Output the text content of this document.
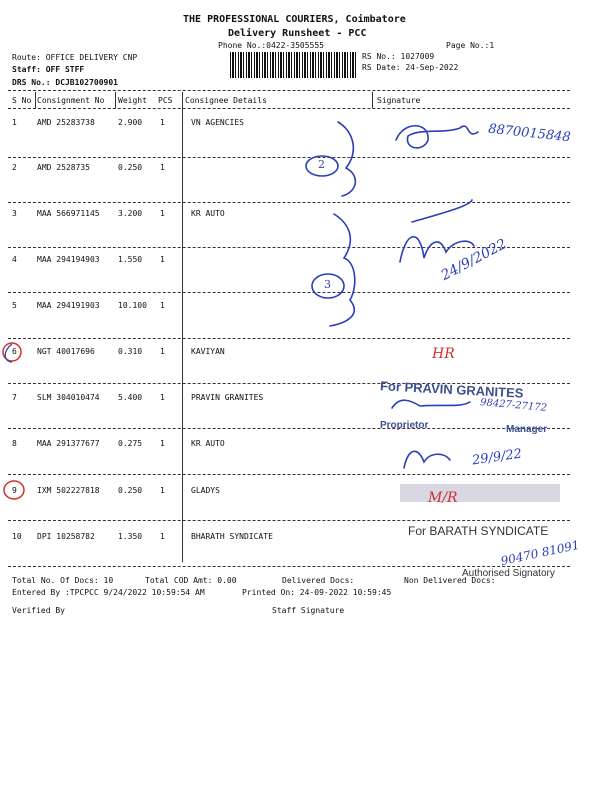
THE PROFESSIONAL COURIERS, Coimbatore
Delivery Runsheet - PCC
Phone No.:0422-3505555	Page No.:1
Route: OFFICE DELIVERY CNP
Staff: OFF STFF
DRS No.: DCJB102700901
RS No.: 1027009
RS Date: 24-Sep-2022
S No Consignment No Weight PCS Consignee Details	Signature
1	AMD 25283738	2.900 1	VN AGENCIES
2	AMD 2528735	0.250 1
3	MAA 566971145 3.200 1	KR AUTO
4	MAA 294194903 1.550 1
5	MAA 294191903 10.100 1
6	NGT 40017696	0.310 1	KAVIYAN
7	SLM 304010474 5.400 1	PRAVIN GRANITES
8	MAA 291377677 0.275 1	KR AUTO
9	IXM 502227818 0.250 1	GLADYS
10 DPI 10258782	1.350 1	BHARATH SYNDICATE
8870015848
2
3
24/9/2022
HR
For PRAVIN GRANITES
98427-27172
Proprietor	Manager
29/9/22
M/R
For BARATH SYNDICATE
90470 81091
Authorised Signatory
Total No. Of Docs: 10	Total COD Amt: 0.00	Delivered Docs:	Non Delivered Docs:
Entered By :TPCPCC 9/24/2022 10:59:54 AM	Printed On: 24-09-2022 10:59:45
Verified By	Staff Signature
